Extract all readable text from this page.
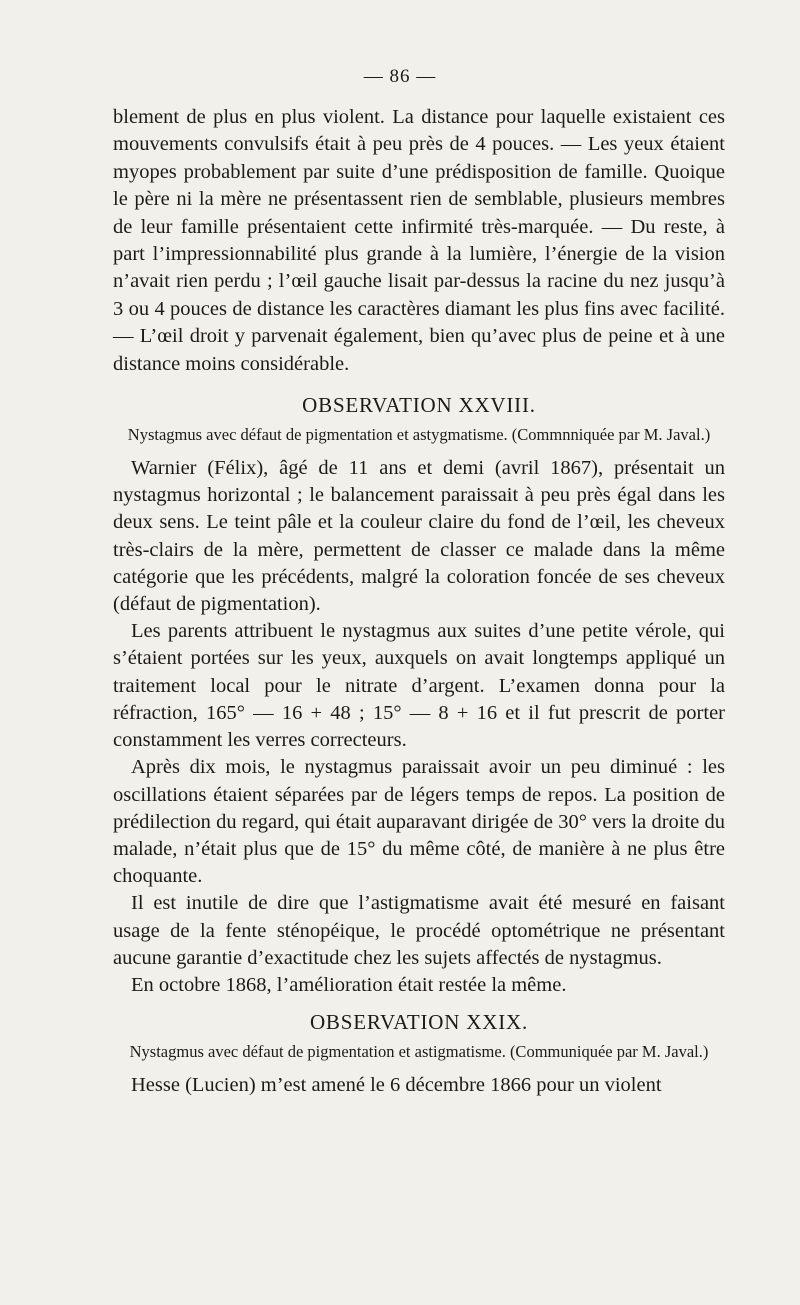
— 86 —

blement de plus en plus violent. La distance pour laquelle existaient ces mouvements convulsifs était à peu près de 4 pouces. — Les yeux étaient myopes probablement par suite d’une prédisposition de famille. Quoique le père ni la mère ne présentassent rien de semblable, plusieurs membres de leur famille présentaient cette infirmité très-marquée. — Du reste, à part l’impressionnabilité plus grande à la lumière, l’énergie de la vision n’avait rien perdu ; l’œil gauche lisait par-dessus la racine du nez jusqu’à 3 ou 4 pouces de distance les caractères diamant les plus fins avec facilité. — L’œil droit y parvenait également, bien qu’avec plus de peine et à une distance moins considérable.

OBSERVATION XXVIII.
Nystagmus avec défaut de pigmentation et astygmatisme. (Commnniquée par M. Javal.)

Warnier (Félix), âgé de 11 ans et demi (avril 1867), présentait un nystagmus horizontal ; le balancement paraissait à peu près égal dans les deux sens. Le teint pâle et la couleur claire du fond de l’œil, les cheveux très-clairs de la mère, permettent de classer ce malade dans la même catégorie que les précédents, malgré la coloration foncée de ses cheveux (défaut de pigmentation).

Les parents attribuent le nystagmus aux suites d’une petite vérole, qui s’étaient portées sur les yeux, auxquels on avait longtemps appliqué un traitement local pour le nitrate d’argent. L’examen donna pour la réfraction, 165° — 16 + 48 ; 15° — 8 + 16 et il fut prescrit de porter constamment les verres correcteurs.

Après dix mois, le nystagmus paraissait avoir un peu diminué : les oscillations étaient séparées par de légers temps de repos. La position de prédilection du regard, qui était auparavant dirigée de 30° vers la droite du malade, n’était plus que de 15° du même côté, de manière à ne plus être choquante.

Il est inutile de dire que l’astigmatisme avait été mesuré en faisant usage de la fente sténopéique, le procédé optométrique ne présentant aucune garantie d’exactitude chez les sujets affectés de nystagmus.

En octobre 1868, l’amélioration était restée la même.

OBSERVATION XXIX.
Nystagmus avec défaut de pigmentation et astigmatisme. (Communiquée par M. Javal.)

Hesse (Lucien) m’est amené le 6 décembre 1866 pour un violent
